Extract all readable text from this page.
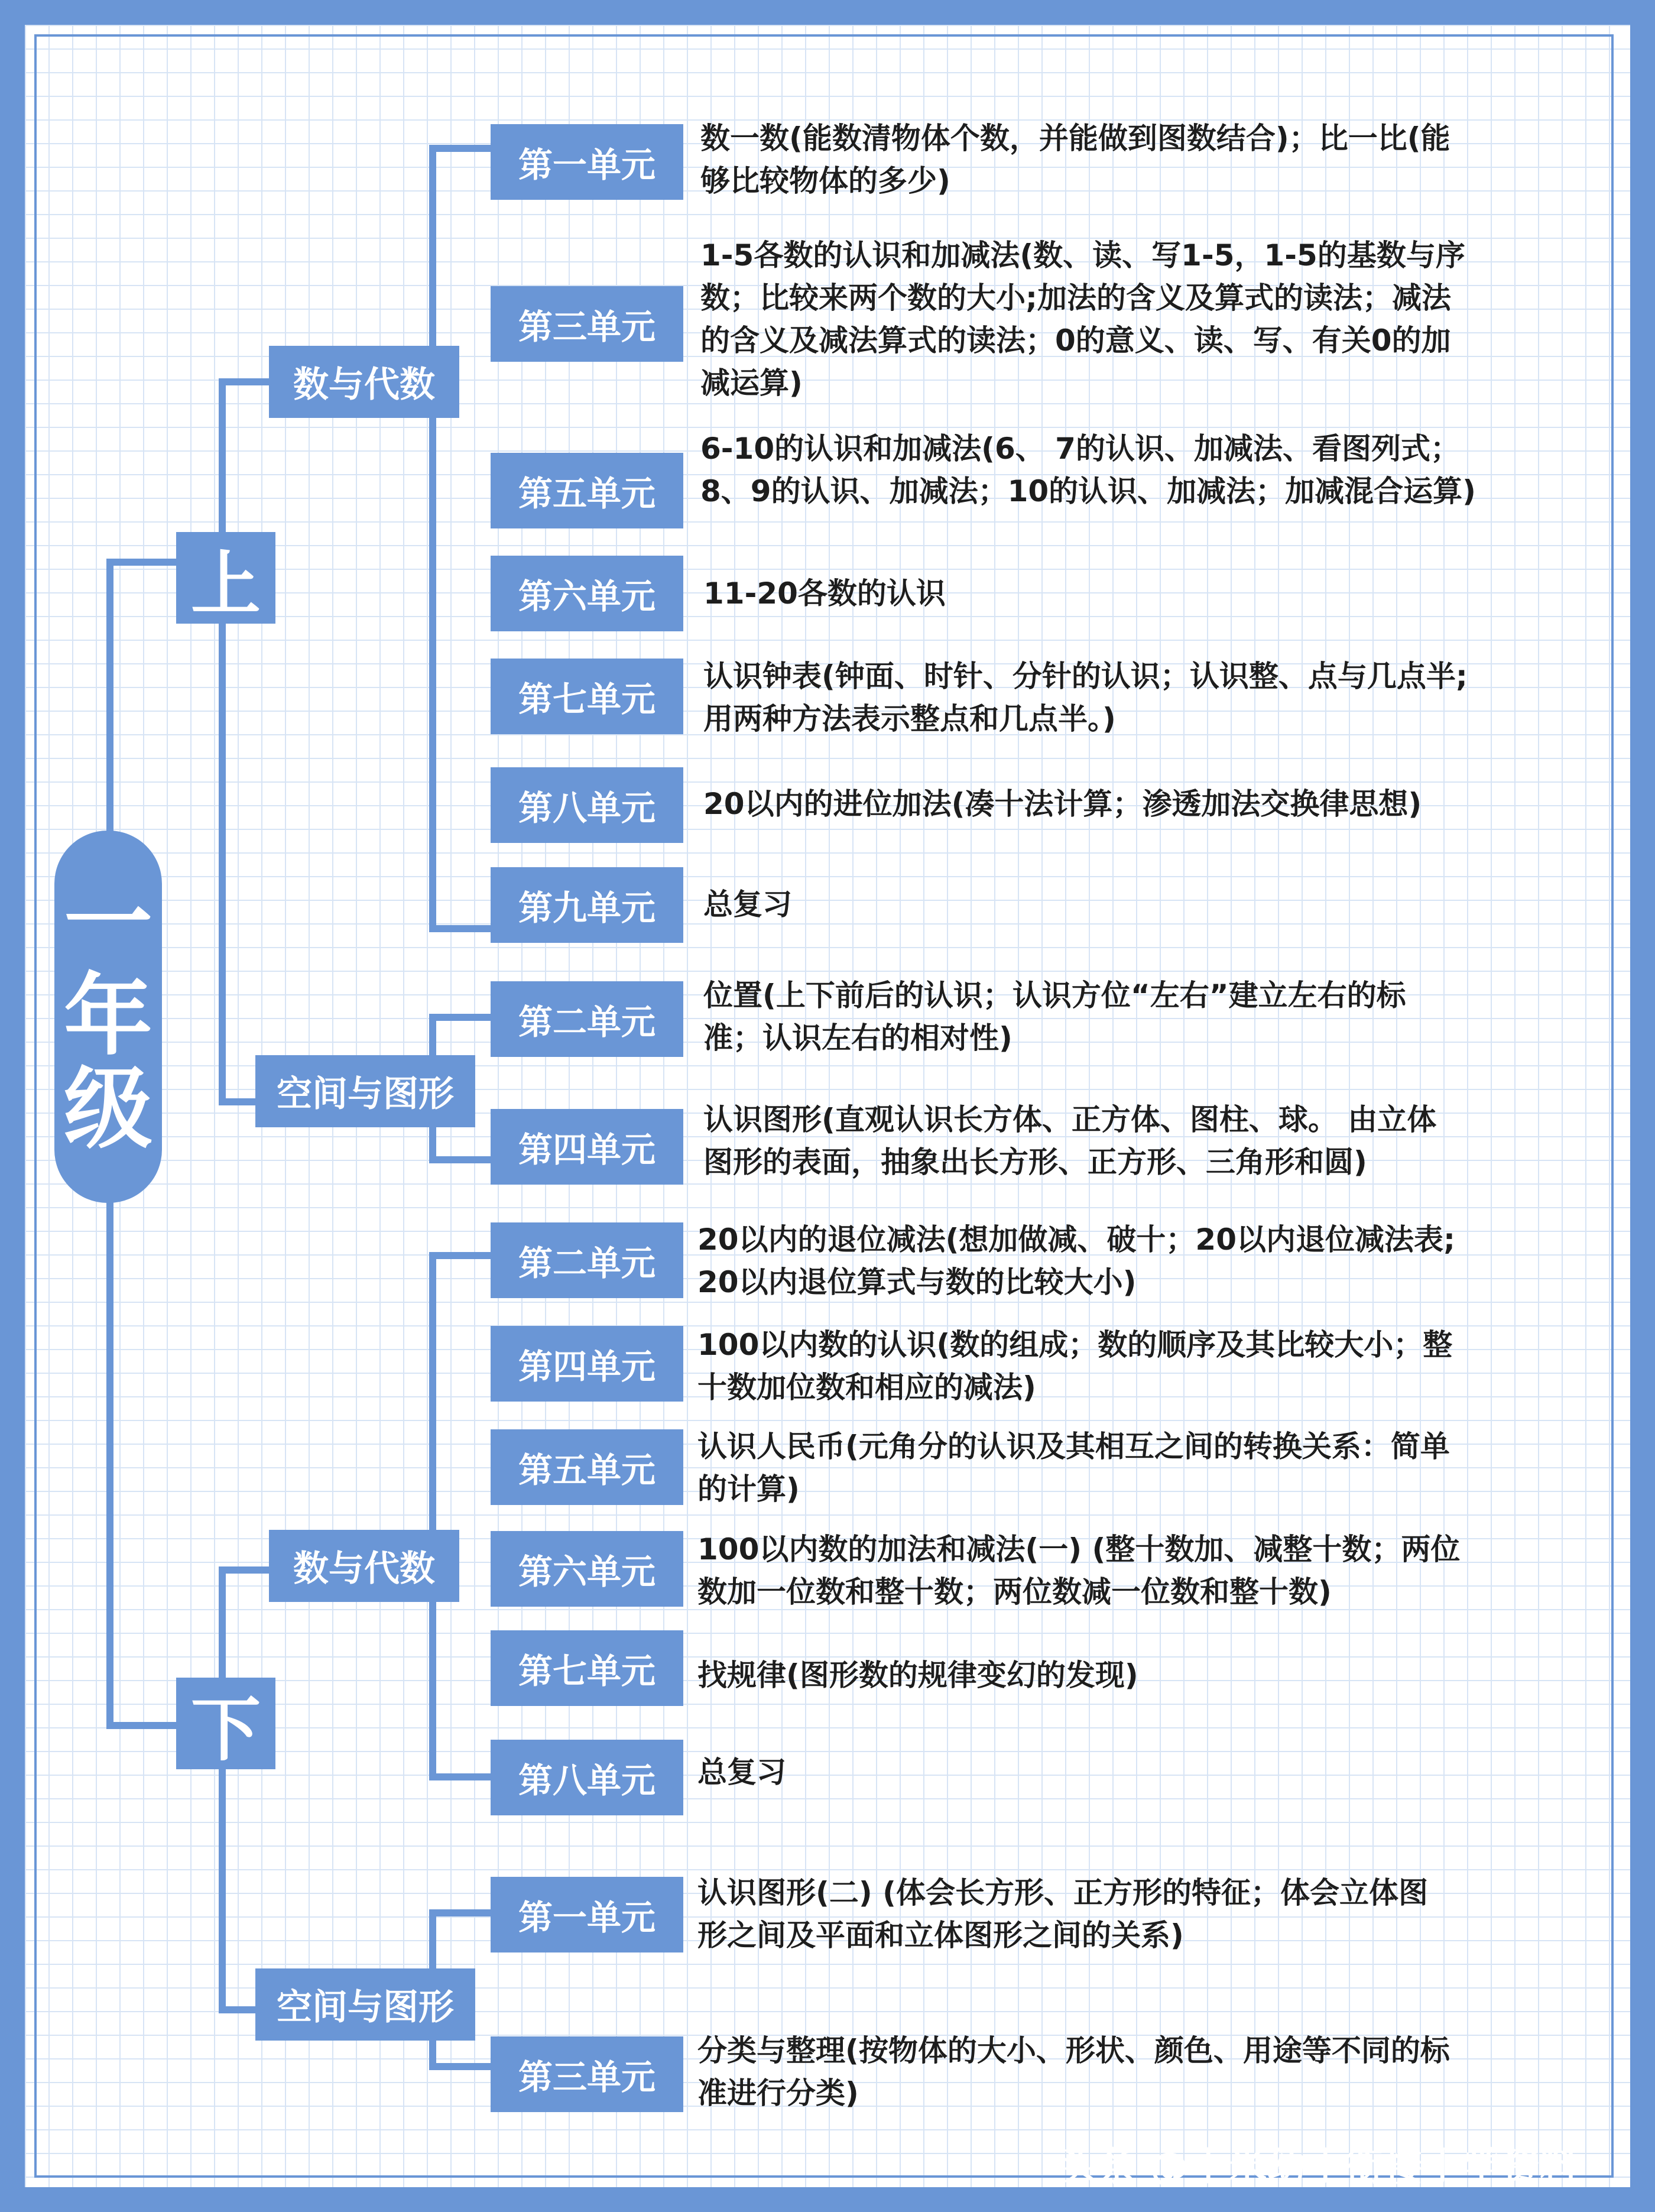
一
年
级
上
下
数与代数
空间与图形
数与代数
空间与图形
第一单元
数一数(能数清物体个数，并能做到图数结合)；比一比(能
够比较物体的多少)
第三单元
1-5各数的认识和加减法(数、读、写1-5，1-5的基数与序
数；比较来两个数的大小;加法的含义及算式的读法；减法
的含义及减法算式的读法；0的意义、读、写、有关0的加
减运算)
第五单元
6-10的认识和加减法(6、 7的认识、加减法、看图列式；
8、9的认识、加减法；10的认识、加减法；加减混合运算)
第六单元 11-20各数的认识
第七单元
认识钟表(钟面、时针、分针的认识；认识整、点与几点半;
用两种方法表示整点和几点半。)
第八单元 20以内的进位加法(凑十法计算；渗透加法交换律思想)
第九单元 总复习
第二单元
位置(上下前后的认识；认识方位“左右”建立左右的标
准；认识左右的相对性)
第四单元
认识图形(直观认识长方体、正方体、图柱、球。 由立体
图形的表面，抽象出长方形、正方形、三角形和圆)
第二单元
20以内的退位减法(想加做减、破十；20以内退位减法表;
20以内退位算式与数的比较大小)
第四单元
100以内数的认识(数的组成；数的顺序及其比较大小；整
十数加位数和相应的减法)
第五单元
认识人民币(元角分的认识及其相互之间的转换关系：简单
的计算)
第六单元
100以内数的加法和减法(一) (整十数加、减整十数；两位
数加一位数和整十数；两位数减一位数和整十数)
第七单元 找规律(图形数的规律变幻的发现)
第八单元 总复习
第一单元
认识图形(二) (体会长方形、正方形的特征；体会立体图
形之间及平面和立体图形之间的关系)
第三单元
分类与整理(按物体的大小、形状、颜色、用途等不同的标
准进行分类)
头条 @小米幼小衔接小学资料
